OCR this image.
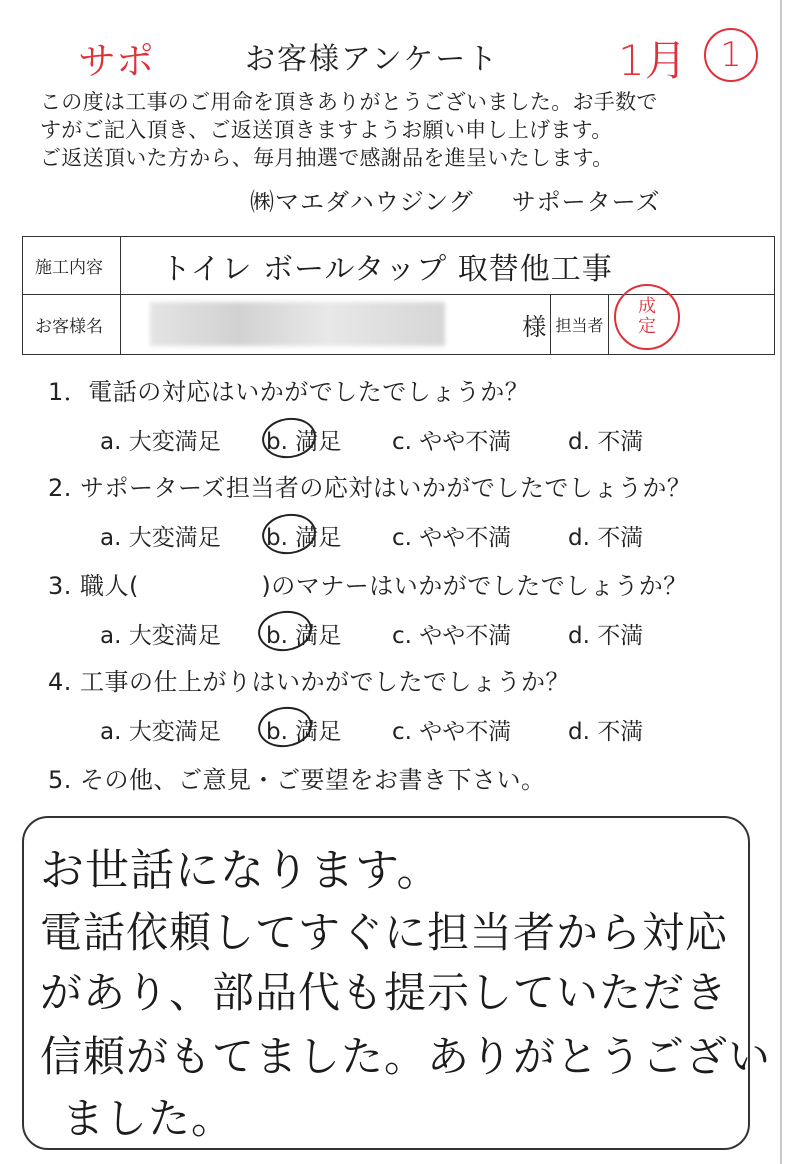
サポ	1月 1
お客様アンケート
この度は工事のご用命を頂きありがとうございました。お手数で
すがご記入頂き、ご返送頂きますようお願い申し上げます。
ご返送頂いた方から、毎月抽選で感謝品を進呈いたします。
㈱マエダハウジング サポーターズ
施工内容	トイレ ボールタップ 取替他工事			
お客様名		様	担当者	
成
定
1．電話の対応はいかがでしたでしょうか？
a. 大変満足 b. 満足 c. やや不満 d. 不満
2. サポーターズ担当者の応対はいかがでしたでしょうか？
a. 大変満足 b. 満足 c. やや不満 d. 不満
3. 職人(　　　　　)のマナーはいかがでしたでしょうか？
a. 大変満足 b. 満足 c. やや不満 d. 不満
4. 工事の仕上がりはいかがでしたでしょうか？
a. 大変満足 b. 満足 c. やや不満 d. 不満
5. その他、ご意見・ご要望をお書き下さい。
お世話になります。
電話依頼してすぐに担当者から対応
があり、部品代も提示していただき
信頼がもてました。ありがとうござい
ました。
